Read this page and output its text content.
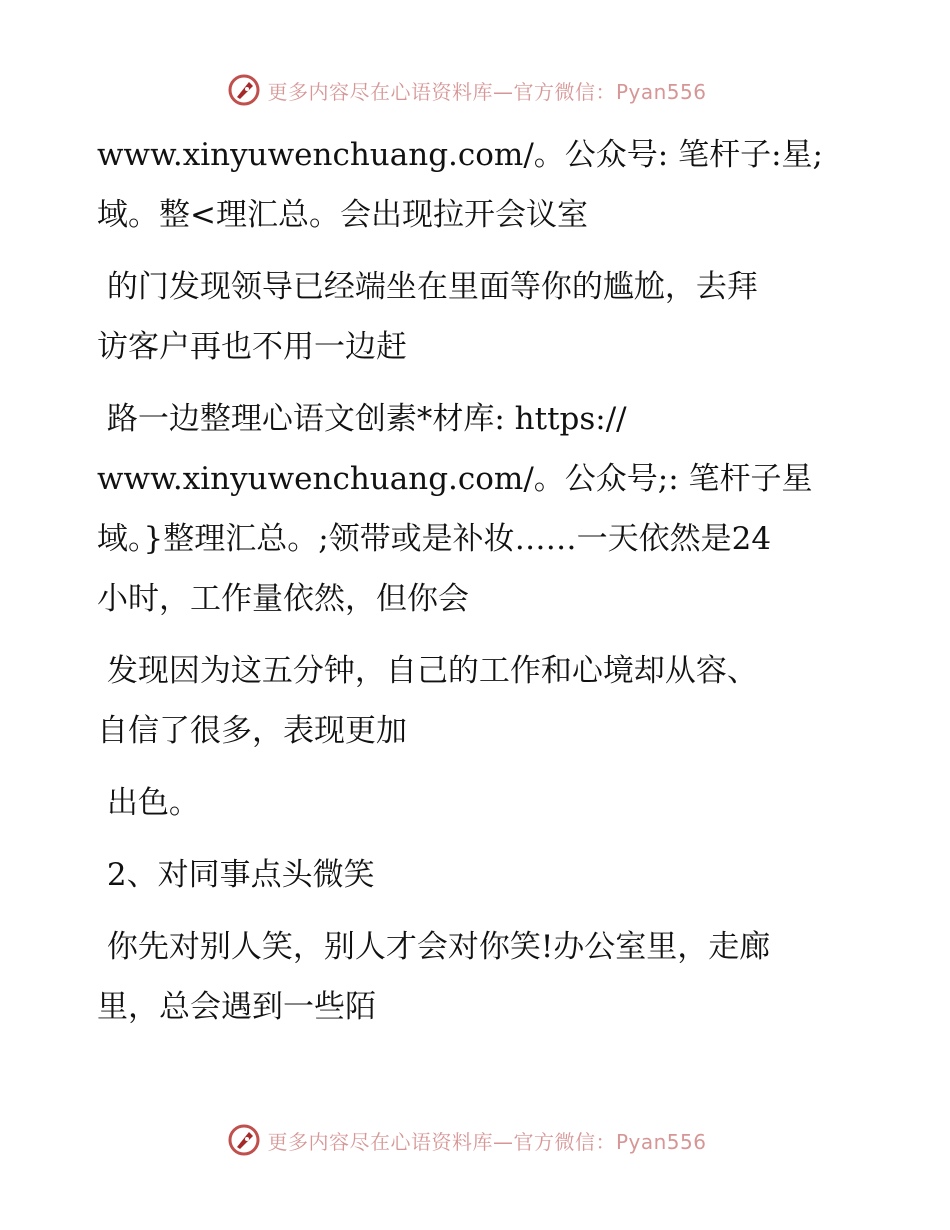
更多内容尽在心语资料库—官方微信：Pyan556

www.xinyuwenchuang.com/。公众号: 笔杆子:星;

域。整<理汇总。会出现拉开会议室

的门发现领导已经端坐在里面等你的尴尬，去拜

访客户再也不用一边赶

路一边整理心语文创素*材库: https://

www.xinyuwenchuang.com/。公众号;: 笔杆子星

域。}整理汇总。;领带或是补妆……一天依然是24

小时，工作量依然，但你会

发现因为这五分钟，自己的工作和心境却从容、

自信了很多，表现更加

出色。

2、对同事点头微笑

你先对别人笑，别人才会对你笑!办公室里，走廊

里，总会遇到一些陌

更多内容尽在心语资料库—官方微信：Pyan556
